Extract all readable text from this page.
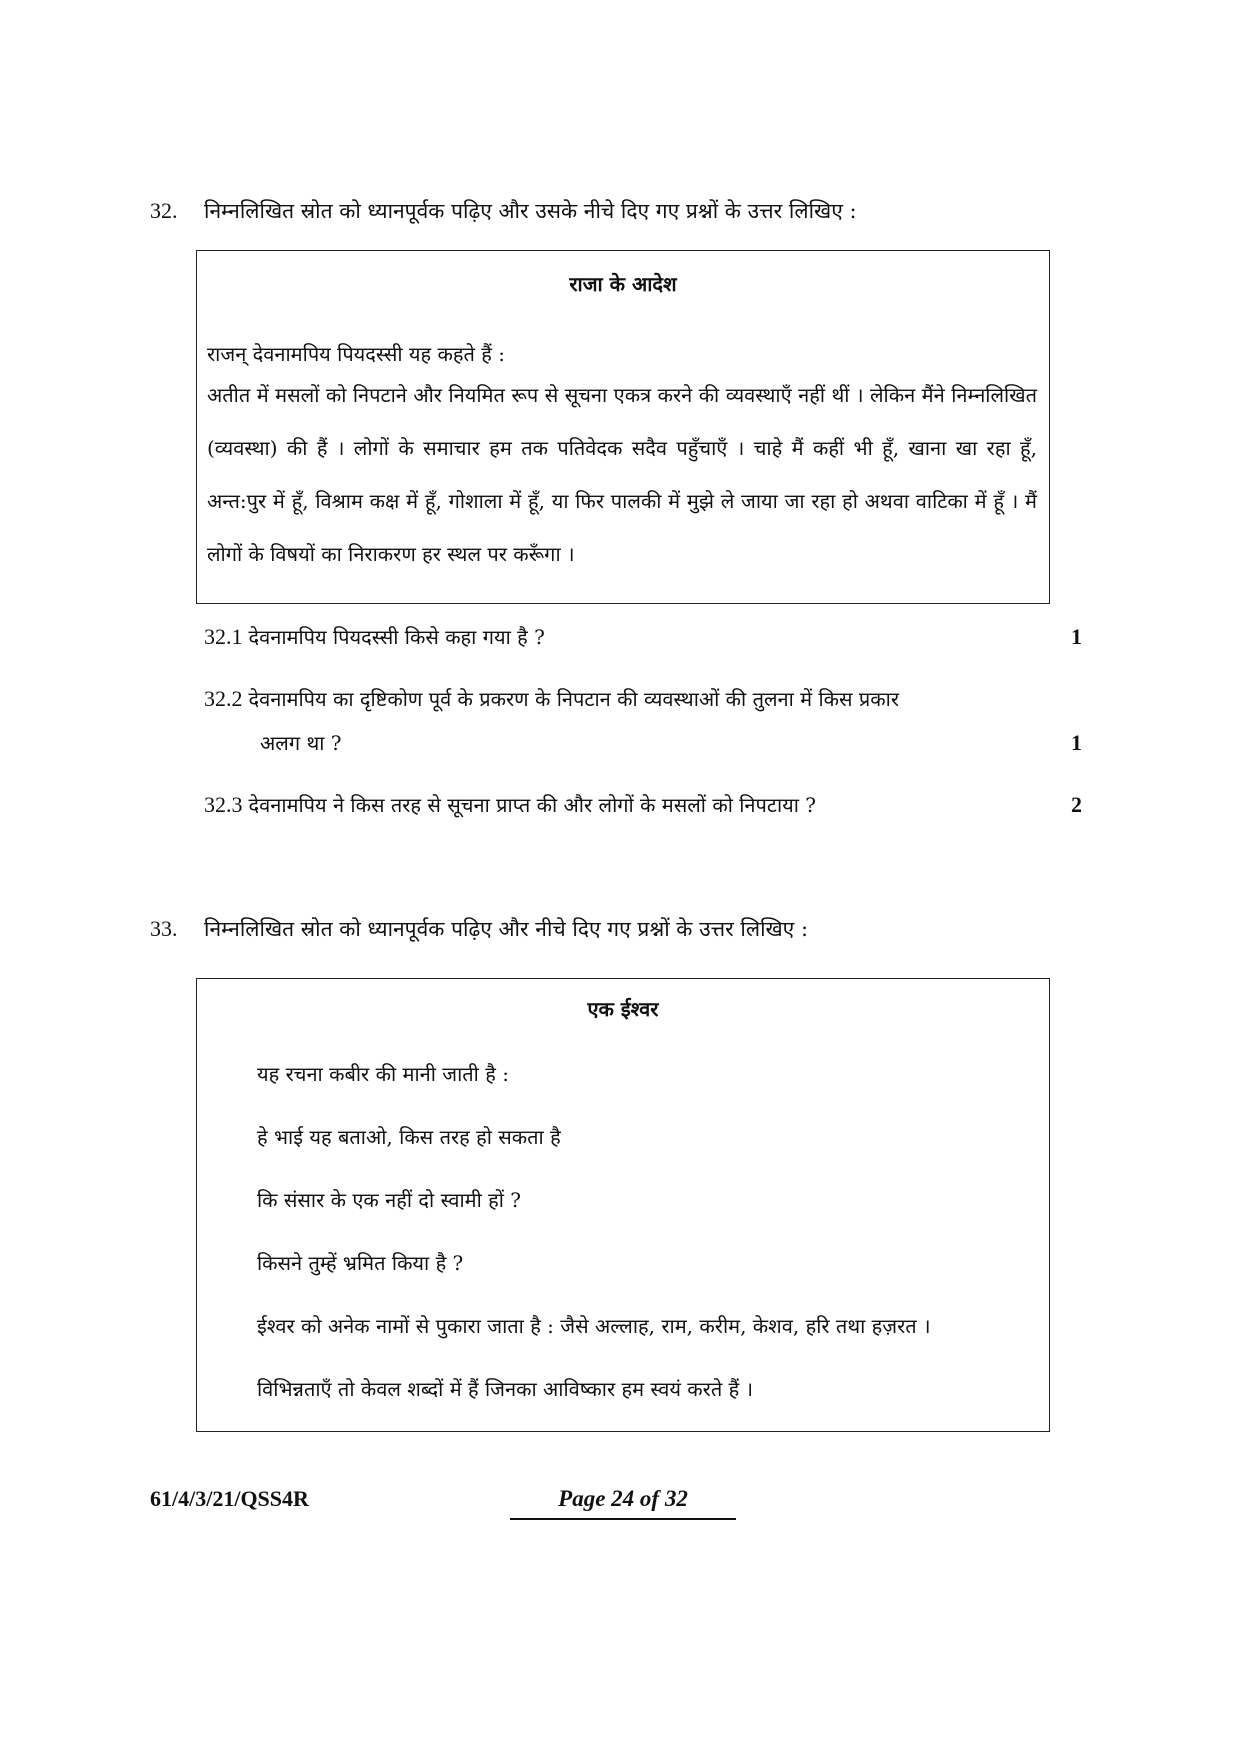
32. निम्नलिखित स्रोत को ध्यानपूर्वक पढ़िए और उसके नीचे दिए गए प्रश्नों के उत्तर लिखिए :
राजा के आदेश
राजन् देवनामपिय पियदस्सी यह कहते हैं :
अतीत में मसलों को निपटाने और नियमित रूप से सूचना एकत्र करने की व्यवस्थाएँ नहीं थीं । लेकिन मैंने निम्नलिखित (व्यवस्था) की हैं । लोगों के समाचार हम तक पतिवेदक सदैव पहुँचाएँ । चाहे मैं कहीं भी हूँ, खाना खा रहा हूँ, अन्त:पुर में हूँ, विश्राम कक्ष में हूँ, गोशाला में हूँ, या फिर पालकी में मुझे ले जाया जा रहा हो अथवा वाटिका में हूँ । मैं लोगों के विषयों का निराकरण हर स्थल पर करूँगा ।
32.1 देवनामपिय पियदस्सी किसे कहा गया है ?	1
32.2 देवनामपिय का दृष्टिकोण पूर्व के प्रकरण के निपटान की व्यवस्थाओं की तुलना में किस प्रकार
अलग था ?	1
32.3 देवनामपिय ने किस तरह से सूचना प्राप्त की और लोगों के मसलों को निपटाया ?	2
33. निम्नलिखित स्रोत को ध्यानपूर्वक पढ़िए और नीचे दिए गए प्रश्नों के उत्तर लिखिए :
एक ईश्वर
यह रचना कबीर की मानी जाती है :
हे भाई यह बताओ, किस तरह हो सकता है
कि संसार के एक नहीं दो स्वामी हों ?
किसने तुम्हें भ्रमित किया है ?
ईश्वर को अनेक नामों से पुकारा जाता है : जैसे अल्लाह, राम, करीम, केशव, हरि तथा हज़रत ।
विभिन्नताएँ तो केवल शब्दों में हैं जिनका आविष्कार हम स्वयं करते हैं ।
61/4/3/21/QSS4R	Page 24 of 32
